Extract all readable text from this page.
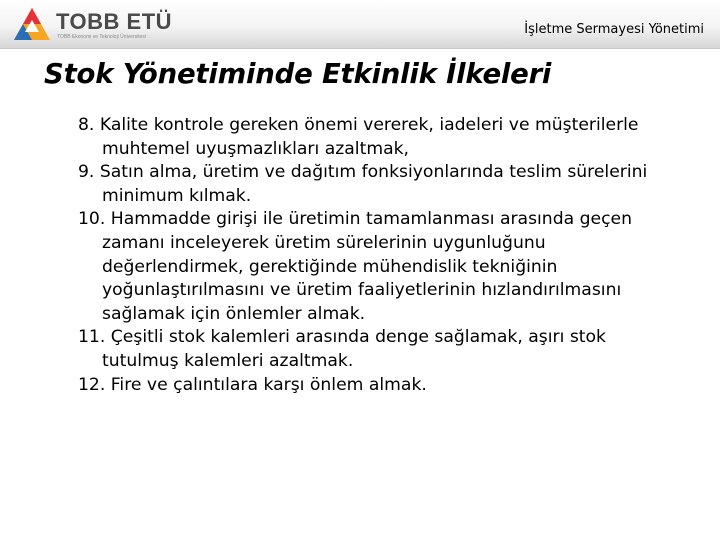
TOBB ETÜ
TOBB Ekonomi ve Teknoloji Üniversitesi	İşletme Sermayesi Yönetimi
Stok Yönetiminde Etkinlik İlkeleri
8. Kalite kontrole gereken önemi vererek, iadeleri ve müşterilerle muhtemel uyuşmazlıkları azaltmak,
9. Satın alma, üretim ve dağıtım fonksiyonlarında teslim sürelerini minimum kılmak.
10. Hammadde girişi ile üretimin tamamlanması arasında geçen zamanı inceleyerek üretim sürelerinin uygunluğunu değerlendirmek, gerektiğinde mühendislik tekniğinin yoğunlaştırılmasını ve üretim faaliyetlerinin hızlandırılmasını sağlamak için önlemler almak.
11. Çeşitli stok kalemleri arasında denge sağlamak, aşırı stok tutulmuş kalemleri azaltmak.
12. Fire ve çalıntılara karşı önlem almak.
